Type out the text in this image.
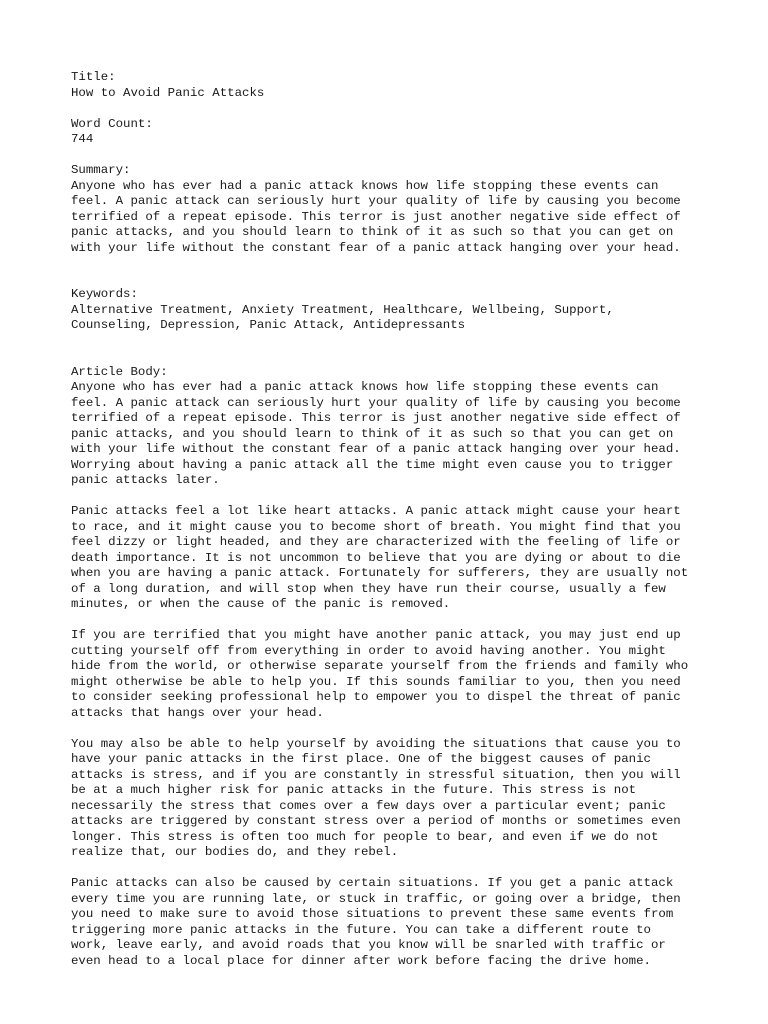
Title:
How to Avoid Panic Attacks
Word Count:
744
Summary:
Anyone who has ever had a panic attack knows how life stopping these events can
feel. A panic attack can seriously hurt your quality of life by causing you become
terrified of a repeat episode. This terror is just another negative side effect of
panic attacks, and you should learn to think of it as such so that you can get on
with your life without the constant fear of a panic attack hanging over your head.
Keywords:
Alternative Treatment, Anxiety Treatment, Healthcare, Wellbeing, Support,
Counseling, Depression, Panic Attack, Antidepressants
Article Body:
Anyone who has ever had a panic attack knows how life stopping these events can
feel. A panic attack can seriously hurt your quality of life by causing you become
terrified of a repeat episode. This terror is just another negative side effect of
panic attacks, and you should learn to think of it as such so that you can get on
with your life without the constant fear of a panic attack hanging over your head.
Worrying about having a panic attack all the time might even cause you to trigger
panic attacks later.
Panic attacks feel a lot like heart attacks. A panic attack might cause your heart
to race, and it might cause you to become short of breath. You might find that you
feel dizzy or light headed, and they are characterized with the feeling of life or
death importance. It is not uncommon to believe that you are dying or about to die
when you are having a panic attack. Fortunately for sufferers, they are usually not
of a long duration, and will stop when they have run their course, usually a few
minutes, or when the cause of the panic is removed.
If you are terrified that you might have another panic attack, you may just end up
cutting yourself off from everything in order to avoid having another. You might
hide from the world, or otherwise separate yourself from the friends and family who
might otherwise be able to help you. If this sounds familiar to you, then you need
to consider seeking professional help to empower you to dispel the threat of panic
attacks that hangs over your head.
You may also be able to help yourself by avoiding the situations that cause you to
have your panic attacks in the first place. One of the biggest causes of panic
attacks is stress, and if you are constantly in stressful situation, then you will
be at a much higher risk for panic attacks in the future. This stress is not
necessarily the stress that comes over a few days over a particular event; panic
attacks are triggered by constant stress over a period of months or sometimes even
longer. This stress is often too much for people to bear, and even if we do not
realize that, our bodies do, and they rebel.
Panic attacks can also be caused by certain situations. If you get a panic attack
every time you are running late, or stuck in traffic, or going over a bridge, then
you need to make sure to avoid those situations to prevent these same events from
triggering more panic attacks in the future. You can take a different route to
work, leave early, and avoid roads that you know will be snarled with traffic or
even head to a local place for dinner after work before facing the drive home.
